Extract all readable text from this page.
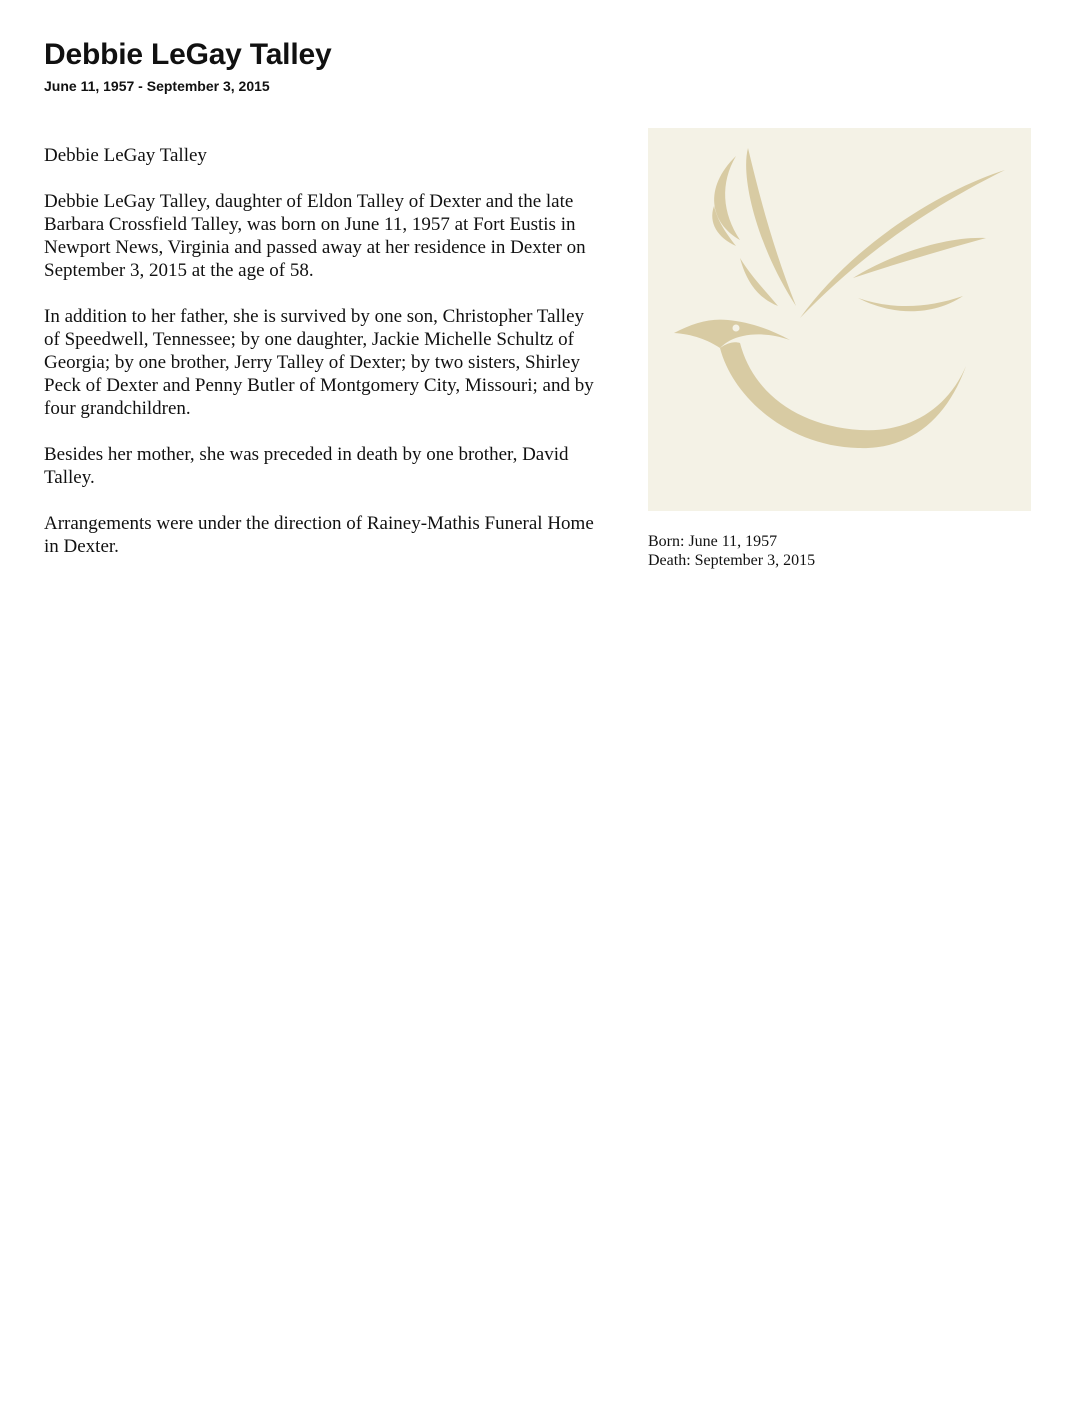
Debbie LeGay Talley
June 11, 1957 - September 3, 2015

Debbie LeGay Talley

Debbie LeGay Talley, daughter of Eldon Talley of Dexter and the late Barbara Crossfield Talley, was born on June 11, 1957 at Fort Eustis in Newport News, Virginia and passed away at her residence in Dexter on September 3, 2015 at the age of 58.

In addition to her father, she is survived by one son, Christopher Talley of Speedwell, Tennessee; by one daughter, Jackie Michelle Schultz of Georgia; by one brother, Jerry Talley of Dexter; by two sisters, Shirley Peck of Dexter and Penny Butler of Montgomery City, Missouri; and by four grandchildren.

Besides her mother, she was preceded in death by one brother, David Talley.

Arrangements were under the direction of Rainey-Mathis Funeral Home in Dexter.	Born: June 11, 1957
Death: September 3, 2015
